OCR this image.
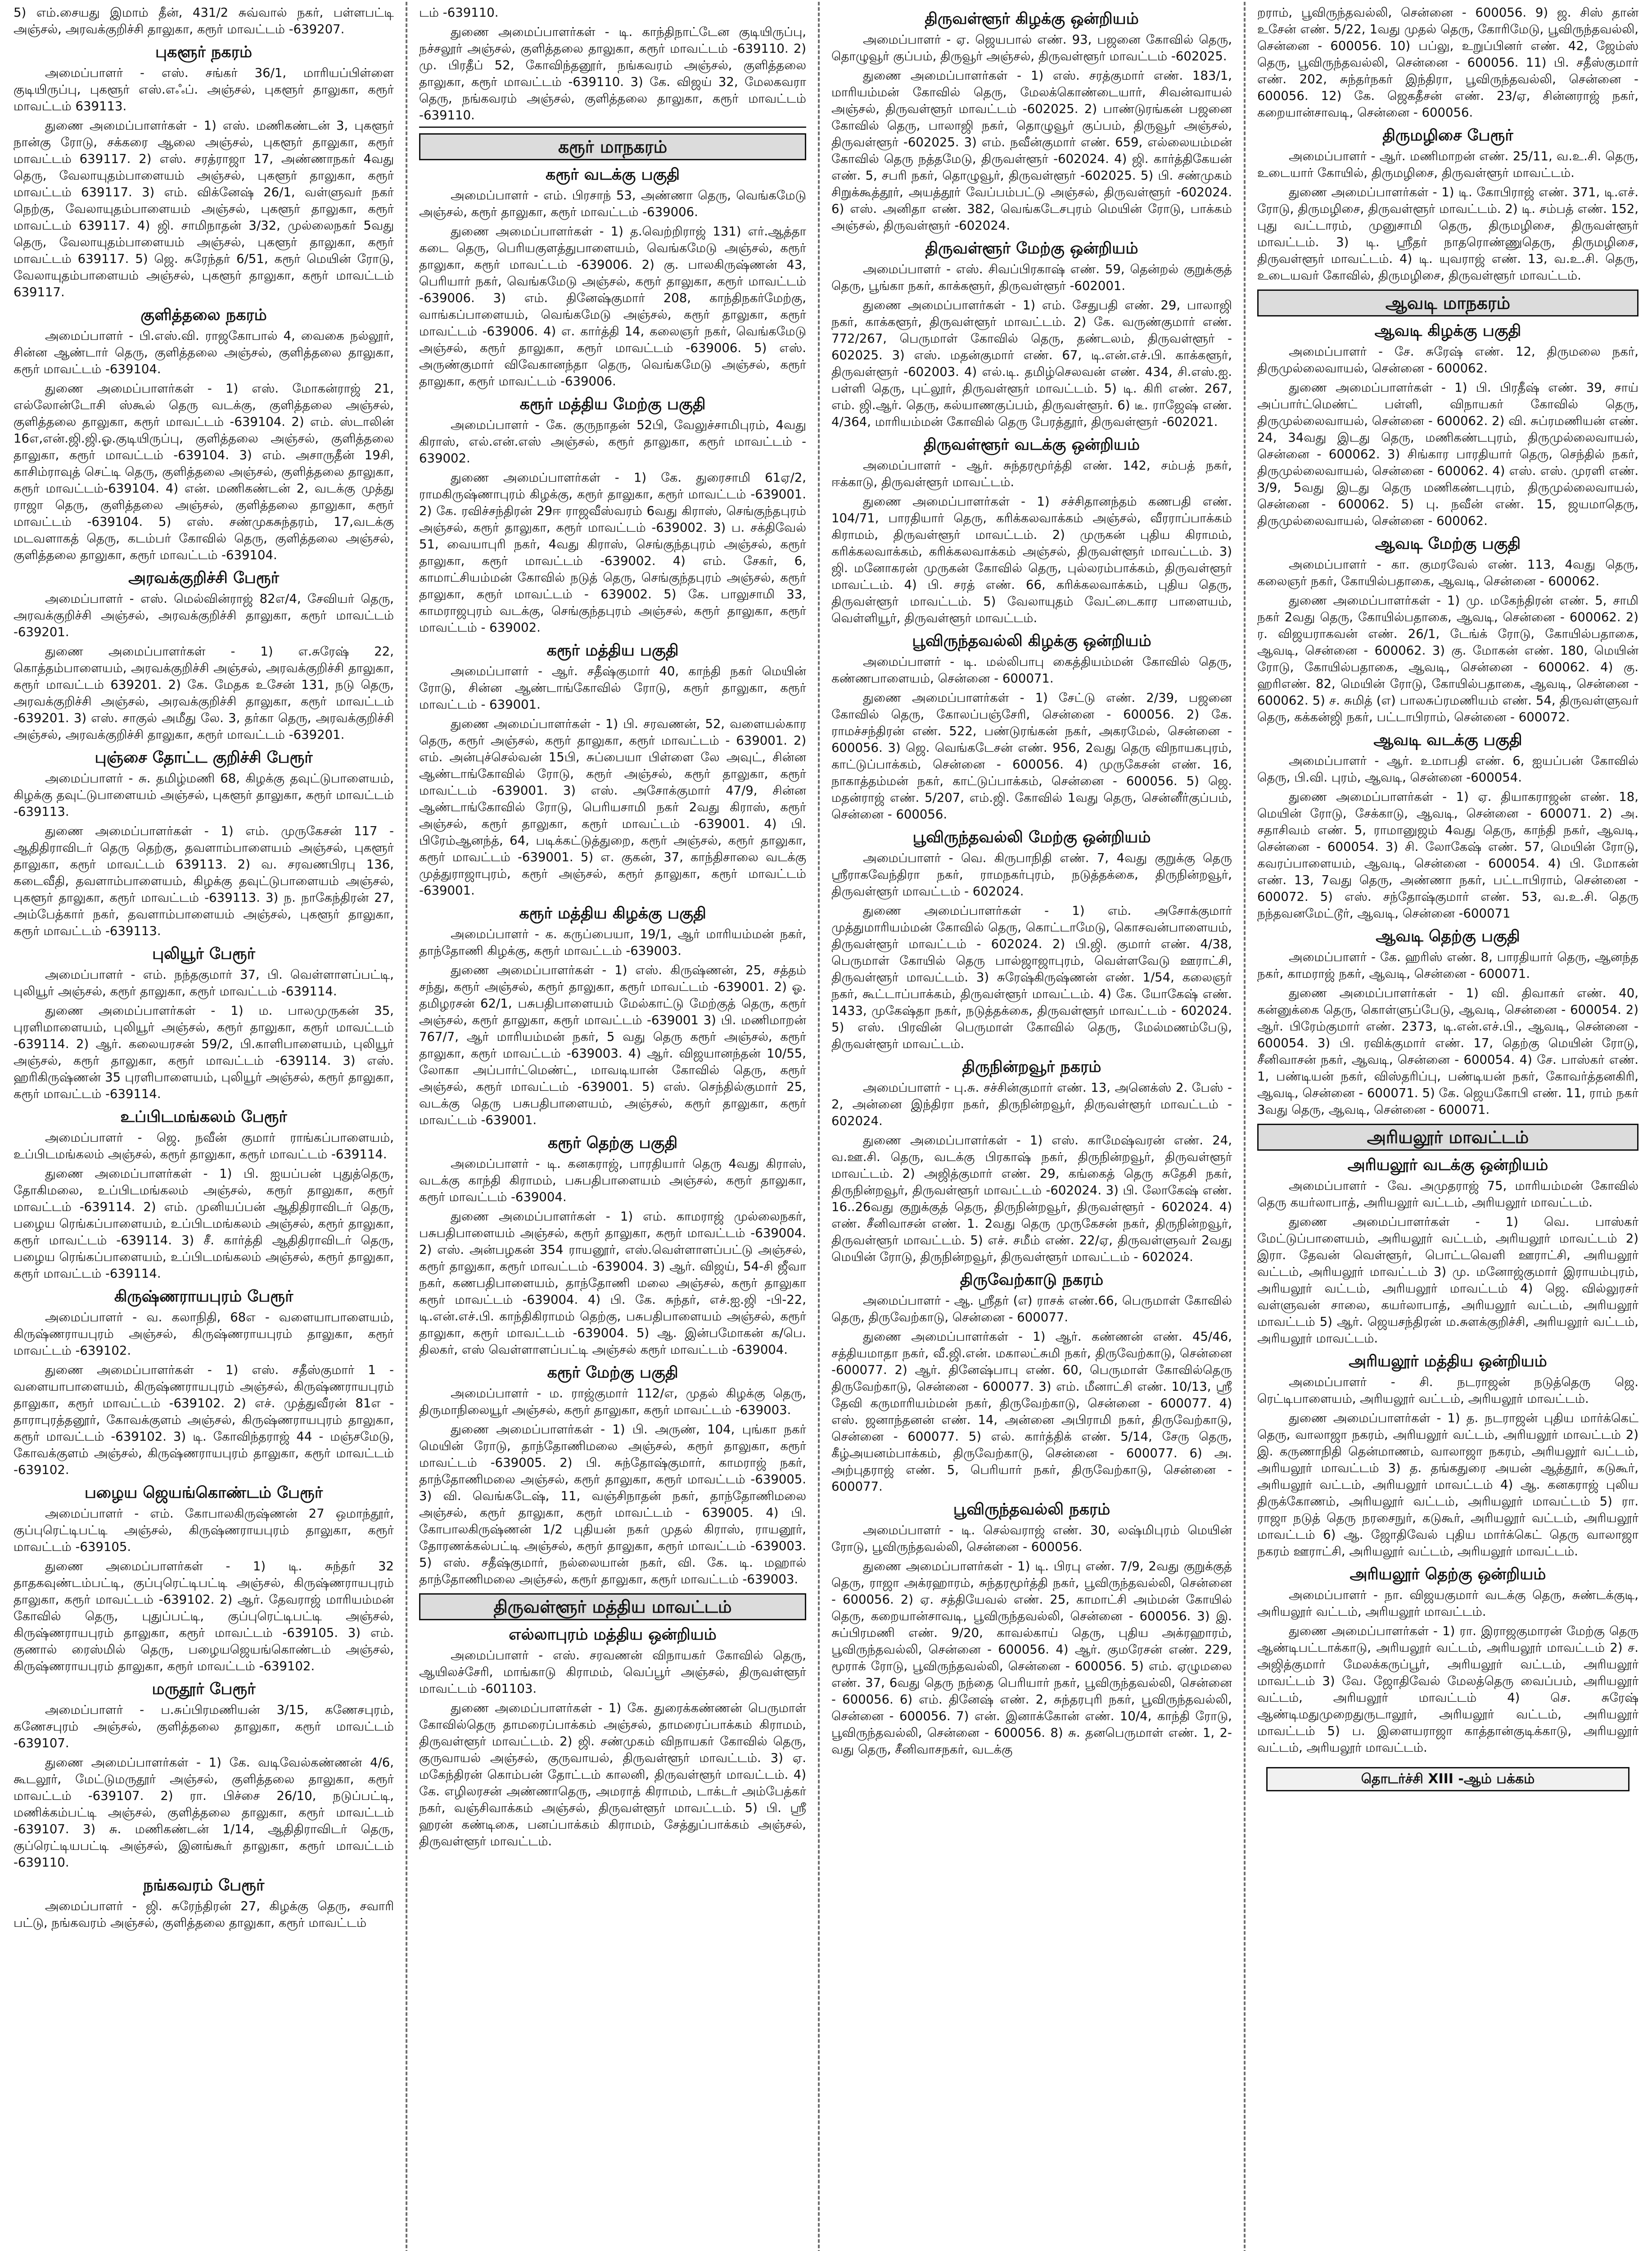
5) எம்.சையது இமாம் தீன், 431/2 சுவ்வால் நகர், பள்ளபட்டி அஞ்சல், அரவக்குறிச்சி தாலுகா, கரூர் மாவட்டம் -639207.
புகளூர் நகரம்
அமைப்பாளர் - எஸ். சங்கர் 36/1, மாரியப்பிள்ளை குடியிருப்பு, புகளூர் எஸ்.எஃப். அஞ்சல், புகளூர் தாலுகா, கரூர் மாவட்டம் 639113.
துணை அமைப்பாளர்கள் - 1) எஸ். மணிகண்டன் 3, புகளூர் நான்கு ரோடு, சக்கரை ஆலை அஞ்சல், புகளூர் தாலுகா, கரூர் மாவட்டம் 639117. 2) எஸ். சரத்ராஜா 17, அண்ணாநகர் 4வது தெரு, வேலாயுதம்பாளையம் அஞ்சல், புகளூர் தாலுகா, கரூர் மாவட்டம் 639117. 3) எம். விக்னேஷ் 26/1, வள்ளுவர் நகர் நெற்கு, வேலாயுதம்பாளையம் அஞ்சல், புகளூர் தாலுகா, கரூர் மாவட்டம் 639117. 4) ஜி. சாமிநாதன் 3/32, முல்லைநகர் 5வது தெரு, வேலாயுதம்பாளையம் அஞ்சல், புகளூர் தாலுகா, கரூர் மாவட்டம் 639117. 5) ஜெ. சுரேந்தர் 6/51, கரூர் மெயின் ரோடு, வேலாயுதம்பாளையம் அஞ்சல், புகளூர் தாலுகா, கரூர் மாவட்டம் 639117.
குளித்தலை நகரம்
அமைப்பாளர் - பி.எஸ்.வி. ராஜகோபால் 4, வைகை நல்லூர், சின்ன ஆண்டார் தெரு, குளித்தலை அஞ்சல், குளித்தலை தாலுகா, கரூர் மாவட்டம் -639104.
துணை அமைப்பாளர்கள் - 1) எஸ். மோகன்ராஜ் 21, எல்லோன்டோசி ஸ்கூல் தெரு வடக்கு, குளித்தலை அஞ்சல், குளித்தலை தாலுகா, கரூர் மாவட்டம் -639104. 2) எம். ஸ்டாலின் 16எ,என்.ஜி.ஜி.ஓ.குடியிருப்பு, குளித்தலை அஞ்சல், குளித்தலை தாலுகா, கரூர் மாவட்டம் -639104. 3) எம். அசாருதீன் 19சி, காசிம்ராவுத் செட்டி தெரு, குளித்தலை அஞ்சல், குளித்தலை தாலுகா, கரூர் மாவட்டம்-639104. 4) என். மணிகண்டன் 2, வடக்கு முத்து ராஜா தெரு, குளித்தலை அஞ்சல், குளித்தலை தாலுகா, கரூர் மாவட்டம் -639104. 5) எஸ். சண்முகசுந்தரம், 17,வடக்கு மடவளாகத் தெரு, கடம்பர் கோவில் தெரு, குளித்தலை அஞ்சல், குளித்தலை தாலுகா, கரூர் மாவட்டம் -639104.
அரவக்குறிச்சி பேரூர்
அமைப்பாளர் - எஸ். மெல்வின்ராஜ் 82எ/4, சேவியர் தெரு, அரவக்குறிச்சி அஞ்சல், அரவக்குறிச்சி தாலுகா, கரூர் மாவட்டம் -639201.
துணை அமைப்பாளர்கள் - 1) எ.சுரேஷ் 22, கொத்தம்பாளையம், அரவக்குறிச்சி அஞ்சல், அரவக்குறிச்சி தாலுகா, கரூர் மாவட்டம் 639201. 2) கே. மேதக உசேன் 131, நடு தெரு, அரவக்குறிச்சி அஞ்சல், அரவக்குறிச்சி தாலுகா, கரூர் மாவட்டம் -639201. 3) எஸ். சாகுல் அமீது லே. 3, தர்கா தெரு, அரவக்குறிச்சி அஞ்சல், அரவக்குறிச்சி தாலுகா, கரூர் மாவட்டம் -639201.
புஞ்சை தோட்ட குறிச்சி பேரூர்
அமைப்பாளர் - சு. தமிழ்மணி 68, கிழக்கு தவுட்டுபாளையம், கிழக்கு தவுட்டுபாளையம் அஞ்சல், புகளூர் தாலுகா, கரூர் மாவட்டம் -639113.
துணை அமைப்பாளர்கள் - 1) எம். முருகேசன் 117 - ஆதிதிராவிடர் தெரு தெற்கு, தவளாம்பாளையம் அஞ்சல், புகளூர் தாலுகா, கரூர் மாவட்டம் 639113. 2) வ. சரவணபிரபு 136, கடைவீதி, தவளாம்பாளையம், கிழக்கு தவுட்டுபாளையம் அஞ்சல், புகளூர் தாலுகா, கரூர் மாவட்டம் -639113. 3) ந. நாகேந்திரன் 27, அம்பேத்கார் நகர், தவளாம்பாளையம் அஞ்சல், புகளூர் தாலுகா, கரூர் மாவட்டம் -639113.
புலியூர் பேரூர்
அமைப்பாளர் - எம். நந்தகுமார் 37, பி. வெள்ளாளப்பட்டி, புலியூர் அஞ்சல், கரூர் தாலுகா, கரூர் மாவட்டம் -639114.
துணை அமைப்பாளர்கள் - 1) ம. பாலமுருகன் 35, புரளிமாளையம், புலியூர் அஞ்சல், கரூர் தாலுகா, கரூர் மாவட்டம் -639114. 2) ஆர். கலையரசன் 59/2, பி.காளிபாளையம், புலியூர் அஞ்சல், கரூர் தாலுகா, கரூர் மாவட்டம் -639114. 3) எஸ். ஹரிகிருஷ்ணன் 35 புரளிபாளையம், புலியூர் அஞ்சல், கரூர் தாலுகா, கரூர் மாவட்டம் -639114.
உப்பிடமங்கலம் பேரூர்
அமைப்பாளர் - ஜெ. நவீன் குமார் ராங்கப்பாளையம், உப்பிடமங்கலம் அஞ்சல், கரூர் தாலுகா, கரூர் மாவட்டம் -639114.
துணை அமைப்பாளர்கள் - 1) பி. ஐயப்பன் புதுத்தெரு, தோகிமலை, உப்பிடமங்கலம் அஞ்சல், கரூர் தாலுகா, கரூர் மாவட்டம் -639114. 2) எம். முனியப்பன் ஆதிதிராவிடர் தெரு, பழைய ரெங்கப்பாளையம், உப்பிடமங்கலம் அஞ்சல், கரூர் தாலுகா, கரூர் மாவட்டம் -639114. 3) சீ. கார்த்தி ஆதிதிராவிடர் தெரு, பழைய ரெங்கப்பாளையம், உப்பிடமங்கலம் அஞ்சல், கரூர் தாலுகா, கரூர் மாவட்டம் -639114.
கிருஷ்ணராயபுரம் பேரூர்
அமைப்பாளர் - வ. கலாநிதி, 68எ - வளையாபாளையம், கிருஷ்ணராயபுரம் அஞ்சல், கிருஷ்ணராயபுரம் தாலுகா, கரூர் மாவட்டம் -639102.
துணை அமைப்பாளர்கள் - 1) எஸ். சதீஸ்குமார் 1 - வளையாபாளையம், கிருஷ்ணராயபுரம் அஞ்சல், கிருஷ்ணராயபுரம் தாலுகா, கரூர் மாவட்டம் -639102. 2) எச். முத்துவீரன் 81எ - தாராபுரத்தனூர், கோவக்குளம் அஞ்சல், கிருஷ்ணராயபுரம் தாலுகா, கரூர் மாவட்டம் -639102. 3) டி. கோவிந்தராஜ் 44 - மஞ்சமேடு, கோவக்குளம் அஞ்சல், கிருஷ்ணராயபுரம் தாலுகா, கரூர் மாவட்டம் -639102.
பழைய ஜெயங்கொண்டம் பேரூர்
அமைப்பாளர் - எம். கோபாலகிருஷ்ணன் 27 ஒமாந்தூர், குப்புரெட்டிபட்டி அஞ்சல், கிருஷ்ணராயபுரம் தாலுகா, கரூர் மாவட்டம் -639105.
துணை அமைப்பாளர்கள் - 1) டி. சுந்தர் 32 தாதகவுண்டம்பட்டி, குப்புரெட்டிபட்டி அஞ்சல், கிருஷ்ணராயபுரம் தாலுகா, கரூர் மாவட்டம் -639102. 2) ஆர். தேவராஜ் மாரியம்மன் கோவில் தெரு, புதுப்பட்டி, குப்புரெட்டிபட்டி அஞ்சல், கிருஷ்ணராயபுரம் தாலுகா, கரூர் மாவட்டம் -639105. 3) எம். குணால் ரைஸ்மில் தெரு, பழையஜெயங்கொண்டம் அஞ்சல், கிருஷ்ணராயபுரம் தாலுகா, கரூர் மாவட்டம் -639102.
மருதூர் பேரூர்
அமைப்பாளர் - ப.சுப்பிரமணியன் 3/15, கணேசபுரம், கணேசபுரம் அஞ்சல், குளித்தலை தாலுகா, கரூர் மாவட்டம் -639107.
துணை அமைப்பாளர்கள் - 1) கே. வடிவேல்கண்ணன் 4/6, கூடலூர், மேட்டுமருதூர் அஞ்சல், குளித்தலை தாலுகா, கரூர் மாவட்டம் -639107. 2) ரா. பிச்சை 26/10, நடுப்பட்டி, மணிக்கம்பட்டி அஞ்சல், குளித்தலை தாலுகா, கரூர் மாவட்டம் -639107. 3) சு. மணிகண்டன் 1/14, ஆதிதிராவிடர் தெரு, குப்ரெட்டியபட்டி அஞ்சல், இனங்கூர் தாலுகா, கரூர் மாவட்டம் -639110.
நங்கவரம் பேரூர்
அமைப்பாளர் - ஜி. சுரேந்திரன் 27, கிழக்கு தெரு, சவாரி பட்டு, நங்கவரம் அஞ்சல், குளித்தலை தாலுகா, கரூர் மாவட்டம்
டம் -639110.
துணை அமைப்பாளர்கள் - டி. காந்திநாட்டேன குடியிருப்பு, நச்சலூர் அஞ்சல், குளித்தலை தாலுகா, கரூர் மாவட்டம் -639110. 2) மு. பிரதீப் 52, கோவிந்தனூர், நங்கவரம் அஞ்சல், குளித்தலை தாலுகா, கரூர் மாவட்டம் -639110. 3) கே. விஜய் 32, மேலகவரா தெரு, நங்கவரம் அஞ்சல், குளித்தலை தாலுகா, கரூர் மாவட்டம் -639110.
கரூர் மாநகரம்
கரூர் வடக்கு பகுதி
அமைப்பாளர் - எம். பிரசாந் 53, அண்ணா தெரு, வெங்கமேடு அஞ்சல், கரூர் தாலுகா, கரூர் மாவட்டம் -639006.
துணை அமைப்பாளர்கள் - 1) த.வெற்றிராஜ் 131) எர்.ஆத்தா கடை தெரு, பெரியகுளத்துபாளையம், வெங்கமேடு அஞ்சல், கரூர் தாலுகா, கரூர் மாவட்டம் -639006. 2) கு. பாலகிருஷ்ணன் 43, பெரியார் நகர், வெங்கமேடு அஞ்சல், கரூர் தாலுகா, கரூர் மாவட்டம் -639006. 3) எம். தினேஷ்குமார் 208, காந்திநகர்மேற்கு, வாங்கப்பாளையம், வெங்கமேடு அஞ்சல், கரூர் தாலுகா, கரூர் மாவட்டம் -639006. 4) எ. கார்த்தி 14, கலைஞர் நகர், வெங்கமேடு அஞ்சல், கரூர் தாலுகா, கரூர் மாவட்டம் -639006. 5) எஸ். அருண்குமார் விவேகானந்தா தெரு, வெங்கமேடு அஞ்சல், கரூர் தாலுகா, கரூர் மாவட்டம் -639006.
கரூர் மத்திய மேற்கு பகுதி
அமைப்பாளர் - கே. குருநாதன் 52பி, வேலுச்சாமிபுரம், 4வது கிராஸ், எல்.என்.எஸ் அஞ்சல், கரூர் தாலுகா, கரூர் மாவட்டம் - 639002.
துணை அமைப்பாளர்கள் - 1) கே. துரைசாமி 61ஏ/2, ராமகிருஷ்ணாபுரம் கிழக்கு, கரூர் தாலுகா, கரூர் மாவட்டம் -639001. 2) கே. ரவிச்சந்திரன் 29ஈ ராஜவீஸ்வரம் 6வது கிராஸ், செங்குந்தபுரம் அஞ்சல், கரூர் தாலுகா, கரூர் மாவட்டம் -639002. 3) ப. சக்திவேல் 51, வையாபுரி நகர், 4வது கிராஸ், செங்குந்தபுரம் அஞ்சல், கரூர் தாலுகா, கரூர் மாவட்டம் -639002. 4) எம். சேகர், 6, காமாட்சியம்மன் கோவில் நடுத் தெரு, செங்குந்தபுரம் அஞ்சல், கரூர் தாலுகா, கரூர் மாவட்டம் - 639002. 5) கே. பாலுசாமி 33, காமராஜபுரம் வடக்கு, செங்குந்தபுரம் அஞ்சல், கரூர் தாலுகா, கரூர் மாவட்டம் - 639002.
கரூர் மத்திய பகுதி
அமைப்பாளர் - ஆர். சதீஷ்குமார் 40, காந்தி நகர் மெயின் ரோடு, சின்ன ஆண்டாங்கோவில் ரோடு, கரூர் தாலுகா, கரூர் மாவட்டம் - 639001.
துணை அமைப்பாளர்கள் - 1) பி. சரவணன், 52, வளையல்கார தெரு, கரூர் அஞ்சல், கரூர் தாலுகா, கரூர் மாவட்டம் - 639001. 2) எம். அன்புச்செல்வன் 15பி, சுப்பையா பிள்ளை லே அவுட், சின்ன ஆண்டாங்கோவில் ரோடு, கரூர் அஞ்சல், கரூர் தாலுகா, கரூர் மாவட்டம் -639001. 3) எஸ். அசோக்குமார் 47/9, சின்ன ஆண்டாங்கோவில் ரோடு, பெரியசாமி நகர் 2வது கிராஸ், கரூர் அஞ்சல், கரூர் தாலுகா, கரூர் மாவட்டம் -639001. 4) பி. பிரேம்ஆனந்த், 64, படிக்கட்டுத்துறை, கரூர் அஞ்சல், கரூர் தாலுகா, கரூர் மாவட்டம் -639001. 5) எ. குகன், 37, காந்திசாலை வடக்கு முத்துராஜாபுரம், கரூர் அஞ்சல், கரூர் தாலுகா, கரூர் மாவட்டம் -639001.
கரூர் மத்திய கிழக்கு பகுதி
அமைப்பாளர் - க. கருப்பையா, 19/1, ஆர் மாரியம்மன் நகர், தாந்தோணி கிழக்கு, கரூர் மாவட்டம் -639003.
துணை அமைப்பாளர்கள் - 1) எஸ். கிருஷ்ணன், 25, சத்தம் சந்து, கரூர் அஞ்சல், கரூர் தாலுகா, கரூர் மாவட்டம் -639001. 2) ஓ. தமிழரசன் 62/1, பசுபதிபாளையம் மேல்காட்டு மேற்குத் தெரு, கரூர் அஞ்சல், கரூர் தாலுகா, கரூர் மாவட்டம் -639001 3) பி. மணிமாறன் 767/7, ஆர் மாரியம்மன் நகர், 5 வது தெரு கரூர் அஞ்சல், கரூர் தாலுகா, கரூர் மாவட்டம் -639003. 4) ஆர். விஜயானந்தன் 10/55, லோகா அப்பார்ட்மெண்ட், மாவடியான் கோவில் தெரு, கரூர் அஞ்சல், கரூர் மாவட்டம் -639001. 5) எஸ். செந்தில்குமார் 25, வடக்கு தெரு பசுபதிபாளையம், அஞ்சல், கரூர் தாலுகா, கரூர் மாவட்டம் -639001.
கரூர் தெற்கு பகுதி
அமைப்பாளர் - டி. கனகராஜ், பாரதியார் தெரு 4வது கிராஸ், வடக்கு காந்தி கிராமம், பசுபதிபாளையம் அஞ்சல், கரூர் தாலுகா, கரூர் மாவட்டம் -639004.
துணை அமைப்பாளர்கள் - 1) எம். காமராஜ் முல்லைநகர், பசுபதிபாளையம் அஞ்சல், கரூர் தாலுகா, கரூர் மாவட்டம் -639004. 2) எஸ். அன்பழகன் 354 ராயனூர், எஸ்.வெள்ளாளப்பட்டு அஞ்சல், கரூர் தாலுகா, கரூர் மாவட்டம் -639004. 3) ஆர். விஜய், 54-சி ஜீவா நகர், கணபதிபாளையம், தாந்தோணி மலை அஞ்சல், கரூர் தாலுகா கரூர் மாவட்டம் -639004. 4) பி. கே. சுந்தர், எச்.ஐ.ஜி -பி-22, டி.என்.எச்.பி. காந்திகிராமம் தெற்கு, பசுபதிபாளையம் அஞ்சல், கரூர் தாலுகா, கரூர் மாவட்டம் -639004. 5) ஆ. இன்பமோகன் க/பெ. திலகர், எஸ் வெள்ளாளப்பட்டி அஞ்சல் கரூர் மாவட்டம் -639004.
கரூர் மேற்கு பகுதி
அமைப்பாளர் - ம. ராஜ்குமார் 112/எ, முதல் கிழக்கு தெரு, திருமாநிலையூர் அஞ்சல், கரூர் தாலுகா, கரூர் மாவட்டம் -639003.
துணை அமைப்பாளர்கள் - 1) பி. அருண், 104, புங்கா நகர் மெயின் ரோடு, தாந்தோணிமலை அஞ்சல், கரூர் தாலுகா, கரூர் மாவட்டம் -639005. 2) பி. சுந்தோஷ்குமார், காமராஜ் நகர், தாந்தோணிமலை அஞ்சல், கரூர் தாலுகா, கரூர் மாவட்டம் -639005. 3) வி. வெங்கடேஷ், 11, வஞ்சிநாதன் நகர், தாந்தோணிமலை அஞ்சல், கரூர் தாலுகா, கரூர் மாவட்டம் - 639005. 4) பி. கோபாலகிருஷ்ணன் 1/2 புதியன் நகர் முதல் கிராஸ், ராயனூர், தோரணக்கல்பட்டி அஞ்சல், கரூர் தாலுகா, கரூர் மாவட்டம் -639003. 5) எஸ். சதீஷ்குமார், நல்லையான் நகர், வி. கே. டி. மஹால் தாந்தோணிமலை அஞ்சல், கரூர் தாலுகா, கரூர் மாவட்டம் -639003.
திருவள்ளூர் மத்திய மாவட்டம்
எல்லாபுரம் மத்திய ஒன்றியம்
அமைப்பாளர் - எஸ். சரவணன் விநாயகர் கோவில் தெரு, ஆயிலச்சேரி, மாங்காடு கிராமம், வெப்பூர் அஞ்சல், திருவள்ளூர் மாவட்டம் -601103.
துணை அமைப்பாளர்கள் - 1) கே. துரைக்கண்ணன் பெருமாள் கோவில்தெரு தாமரைப்பாக்கம் அஞ்சல், தாமரைப்பாக்கம் கிராமம், திருவள்ளூர் மாவட்டம். 2) ஜி. சண்முகம் விநாயகர் கோவில் தெரு, குருவாயல் அஞ்சல், குருவாயல், திருவள்ளூர் மாவட்டம். 3) ஏ. மகேந்திரன் கொம்பன் தோட்டம் காலனி, திருவள்ளூர் மாவட்டம். 4) கே. எழிலரசன் அண்ணாதெரு, அமராத் கிராமம், டாக்டர் அம்பேத்கர் நகர், வஞ்சிவாக்கம் அஞ்சல், திருவள்ளூர் மாவட்டம். 5) பி. ஸ்ரீ ஹரன் கண்டிகை, பனப்பாக்கம் கிராமம், சேத்துப்பாக்கம் அஞ்சல், திருவள்ளூர் மாவட்டம்.
திருவள்ளூர் கிழக்கு ஒன்றியம்
அமைப்பாளர் - ஏ. ஜெயபால் எண். 93, பஜனை கோவில் தெரு, தொழுவூர் குப்பம், திருவூர் அஞ்சல், திருவள்ளூர் மாவட்டம் -602025.
துணை அமைப்பாளர்கள் - 1) எஸ். சரத்குமார் எண். 183/1, மாரியம்மன் கோவில் தெரு, மேலக்கொண்டையார், சிவன்வாயல் அஞ்சல், திருவள்ளூர் மாவட்டம் -602025. 2) பாண்டுரங்கன் பஜனை கோவில் தெரு, பாலாஜி நகர், தொழுவூர் குப்பம், திருவூர் அஞ்சல், திருவள்ளூர் -602025. 3) எம். நவீன்குமார் எண். 659, எல்லையம்மன் கோவில் தெரு நத்தமேடு, திருவள்ளூர் -602024. 4) ஜி. கார்த்திகேயன் எண். 5, சபரி நகர், தொழுவூர், திருவள்ளூர் -602025. 5) பி. சண்முகம் சிறுக்கூத்தூர், அயத்தூர் வேப்பம்பட்டு அஞ்சல், திருவள்ளூர் -602024. 6) எஸ். அனிதா எண். 382, வெங்கடேசபுரம் மெயின் ரோடு, பாக்கம் அஞ்சல், திருவள்ளூர் -602024.
திருவள்ளூர் மேற்கு ஒன்றியம்
அமைப்பாளர் - எஸ். சிவப்பிரகாஷ் எண். 59, தென்றல் குறுக்குத் தெரு, பூங்கா நகர், காக்களூர், திருவள்ளூர் -602001.
துணை அமைப்பாளர்கள் - 1) எம். சேதுபதி எண். 29, பாலாஜி நகர், காக்களூர், திருவள்ளூர் மாவட்டம். 2) கே. வருண்குமார் எண். 772/267, பெருமாள் கோவில் தெரு, தண்டலம், திருவள்ளூர் - 602025. 3) எஸ். மதன்குமார் எண். 67, டி.என்.எச்.பி. காக்களூர், திருவள்ளூர் -602003. 4) எல்.டி. தமிழ்செலவன் எண். 434, சி.எஸ்.ஐ. பள்ளி தெரு, புட்லூர், திருவள்ளூர் மாவட்டம். 5) டி. கிரி எண். 267, எம். ஜி.ஆர். தெரு, கல்யாணகுப்பம், திருவள்ளூர். 6) டீ. ராஜேஷ் எண். 4/364, மாரியம்மன் கோவில் தெரு பேரத்தூர், திருவள்ளூர் -602021.
திருவள்ளூர் வடக்கு ஒன்றியம்
அமைப்பாளர் - ஆர். சுந்தரமூர்த்தி எண். 142, சம்பத் நகர், ஈக்காடு, திருவள்ளூர் மாவட்டம்.
துணை அமைப்பாளர்கள் - 1) சச்சிதானந்தம் கணபதி எண். 104/71, பாரதியார் தெரு, கரிக்கலவாக்கம் அஞ்சல், வீரராப்பாக்கம் கிராமம், திருவள்ளூர் மாவட்டம். 2) முருகன் புதிய கிராமம், கரிக்கலவாக்கம், கரிக்கலவாக்கம் அஞ்சல், திருவள்ளூர் மாவட்டம். 3) ஜி. மனோகரன் முருகன் கோவில் தெரு, புல்லரம்பாக்கம், திருவள்ளூர் மாவட்டம். 4) பி. சரத் எண். 66, கரிக்கலவாக்கம், புதிய தெரு, திருவள்ளூர் மாவட்டம். 5) வேலாயுதம் வேட்டைகார பாளையம், வெள்ளியூர், திருவள்ளூர் மாவட்டம்.
பூவிருந்தவல்லி கிழக்கு ஒன்றியம்
அமைப்பாளர் - டி. மல்லிபாபு கைத்தியம்மன் கோவில் தெரு, கண்ணபாளையம், சென்னை - 600071.
துணை அமைப்பாளர்கள் - 1) சேட்டு எண். 2/39, பஜனை கோவில் தெரு, கோலப்பஞ்சேரி, சென்னை - 600056. 2) கே. ராமச்சந்திரன் எண். 522, பண்டுரங்கன் நகர், அகரமேல், சென்னை - 600056. 3) ஜெ. வெங்கடேசன் எண். 956, 2வது தெரு விநாயகபுரம், காட்டுப்பாக்கம், சென்னை - 600056. 4) முருகேசன் எண். 16, நாகாத்தம்மன் நகர், காட்டுப்பாக்கம், சென்னை - 600056. 5) ஜெ. மதன்ராஜ் எண். 5/207, எம்.ஜி. கோவில் 1வது தெரு, சென்னீர்குப்பம், சென்னை - 600056.
பூவிருந்தவல்லி மேற்கு ஒன்றியம்
அமைப்பாளர் - வெ. கிருபாநிதி எண். 7, 4வது குறுக்கு தெரு ஸ்ரீராகவேந்திரா நகர், ராமநகர்புரம், நடுத்தக்கை, திருநின்றவூர், திருவள்ளூர் மாவட்டம் - 602024.
துணை அமைப்பாளர்கள் - 1) எம். அசோக்குமார் முத்துமாரியம்மன் கோவில் தெரு, கொட்டாமேடு, கொசவன்பாளையம், திருவள்ளூர் மாவட்டம் - 602024. 2) பி.ஜி. குமார் எண். 4/38, பெருமாள் கோயில் தெரு பால்ஜாஜாபுரம், வெள்ளவேடு ஊராட்சி, திருவள்ளூர் மாவட்டம். 3) சுரேஷ்கிருஷ்ணன் எண். 1/54, கலைஞர் நகர், கூட்டாப்பாக்கம், திருவள்ளூர் மாவட்டம். 4) கே. யோகேஷ் எண். 1433, முகேஷ்தா நகர், நடுத்தக்கை, திருவள்ளூர் மாவட்டம் - 602024. 5) எஸ். பிரவின் பெருமாள் கோவில் தெரு, மேல்மணம்பேடு, திருவள்ளூர் மாவட்டம்.
திருநின்றவூர் நகரம்
அமைப்பாளர் - பு.சு. சச்சின்குமார் எண். 13, அனெக்ஸ் 2. பேஸ் - 2, அன்னை இந்திரா நகர், திருநின்றவூர், திருவள்ளூர் மாவட்டம் - 602024.
துணை அமைப்பாளர்கள் - 1) எஸ். காமேஷ்வரன் எண். 24, வ.ஊ.சி. தெரு, வடக்கு பிரகாஷ் நகர், திருநின்றவூர், திருவள்ளூர் மாவட்டம். 2) அஜித்குமார் எண். 29, கங்கைத் தெரு சுதேசி நகர், திருநின்றவூர், திருவள்ளூர் மாவட்டம் -602024. 3) பி. லோகேஷ் எண். 16..26வது குறுக்குத் தெரு, திருநின்றவூர், திருவள்ளூர் - 602024. 4) எண். சீனிவாசன் எண். 1. 2வது தெரு முருகேசன் நகர், திருநின்றவூர், திருவள்ளூர் மாவட்டம். 5) எச். சமீம் எண். 22/ஏ, திருவள்ளுவர் 2வது மெயின் ரோடு, திருநின்றவூர், திருவள்ளூர் மாவட்டம் - 602024.
திருவேற்காடு நகரம்
அமைப்பாளர் - ஆ. ஸ்ரீதர் (எ) ராசக் எண்.66, பெருமாள் கோவில் தெரு, திருவேற்காடு, சென்னை - 600077.
துணை அமைப்பாளர்கள் - 1) ஆர். கண்ணன் எண். 45/46, சத்தியமாதா நகர், வீ.ஜி.என். மகாலட்சுமி நகர், திருவேற்காடு, சென்னை -600077. 2) ஆர். தினேஷ்பாபு எண். 60, பெருமாள் கோவில்தெரு திருவேற்காடு, சென்னை - 600077. 3) எம். மீனாட்சி எண். 10/13, ஸ்ரீ தேவி கருமாரியம்மன் நகர், திருவேற்காடு, சென்னை - 600077. 4) எஸ். ஜனாந்தனன் எண். 14, அன்னை அபிராமி நகர், திருவேற்காடு, சென்னை - 600077. 5) எல். கார்த்திக் எண். 5/14, சேரு தெரு, கீழ்அயனம்பாக்கம், திருவேற்காடு, சென்னை - 600077. 6) அ. அற்புதராஜ் எண். 5, பெரியார் நகர், திருவேற்காடு, சென்னை - 600077.
பூவிருந்தவல்லி நகரம்
அமைப்பாளர் - டி. செல்வராஜ் எண். 30, லஷ்மிபுரம் மெயின் ரோடு, பூவிருந்தவல்லி, சென்னை - 600056.
துணை அமைப்பாளர்கள் - 1) டி. பிரபு எண். 7/9, 2வது குறுக்குத் தெரு, ராஜா அக்ரஹாரம், சுந்தரமூர்த்தி நகர், பூவிருந்தவல்லி, சென்னை - 600056. 2) ஏ. சத்தியேவல் எண். 25, காமாட்சி அம்மன் கோயில் தெரு, கறையான்சாவடி, பூவிருந்தவல்லி, சென்னை - 600056. 3) இ. சுப்பிரமணி எண். 9/20, காவல்காய் தெரு, புதிய அக்ரஹாரம், பூவிருந்தவல்லி, சென்னை - 600056. 4) ஆர். குமரேசன் எண். 229, மூராக் ரோடு, பூவிருந்தவல்லி, சென்னை - 600056. 5) எம். ஏழுமலை எண். 37, 6வது தெரு நந்தை பெரியார் நகர், பூவிருந்தவல்லி, சென்னை - 600056. 6) எம். தினேஷ் எண். 2, சுந்தரபுரி நகர், பூவிருந்தவல்லி, சென்னை - 600056. 7) என். இனாக்கோன் எண். 10/4, காந்தி ரோடு, பூவிருந்தவல்லி, சென்னை - 600056. 8) சு. தனபெருமாள் எண். 1, 2-வது தெரு, சீனிவாசநகர், வடக்கு
றராம், பூவிருந்தவல்லி, சென்னை - 600056. 9) ஜ. சிஸ் தான் உசேன் எண். 5/22, 1வது முதல் தெரு, கோரிமேடு, பூவிருந்தவல்லி, சென்னை - 600056. 10) பப்லு, உறுப்பினர் எண். 42, ஜேம்ஸ் தெரு, பூவிருந்தவல்லி, சென்னை - 600056. 11) பி. சதீஸ்குமார் எண். 202, சுந்தர்நகர் இந்திரா, பூவிருந்தவல்லி, சென்னை - 600056. 12) கே. ஜெகதீசன் எண். 23/ஏ, சின்னராஜ் நகர், கறையான்சாவடி, சென்னை - 600056.
திருமழிசை பேரூர்
அமைப்பாளர் - ஆர். மணிமாறன் எண். 25/11, வ.உ.சி. தெரு, உடையார் கோயில், திருமழிசை, திருவள்ளூர் மாவட்டம்.
துணை அமைப்பாளர்கள் - 1) டி. கோபிராஜ் எண். 371, டி.எச். ரோடு, திருமழிசை, திருவள்ளூர் மாவட்டம். 2) டி. சம்பத் எண். 152, புது வட்டாரம், முனுசாமி தெரு, திருமழிசை, திருவள்ளூர் மாவட்டம். 3) டி. ஸ்ரீதர் நாதரொண்ணுதெரு, திருமழிசை, திருவள்ளூர் மாவட்டம். 4) டி. யுவராஜ் எண். 13, வ.உ.சி. தெரு, உடையவர் கோவில், திருமழிசை, திருவள்ளூர் மாவட்டம்.
ஆவடி மாநகரம்
ஆவடி கிழக்கு பகுதி
அமைப்பாளர் - சே. சுரேஷ் எண். 12, திருமலை நகர், திருமுல்லைவாயல், சென்னை - 600062.
துணை அமைப்பாளர்கள் - 1) பி. பிரதீஷ் எண். 39, சாய் அப்பார்ட்மெண்ட் பள்ளி, விநாயகர் கோவில் தெரு, திருமுல்லைவாயல், சென்னை - 600062. 2) வி. சுப்ரமணியன் எண். 24, 34வது இடது தெரு, மணிகண்டபுரம், திருமுல்லைவாயல், சென்னை - 600062. 3) சிங்கார பாரதியார் தெரு, செந்தில் நகர், திருமுல்லைவாயல், சென்னை - 600062. 4) எஸ். எஸ். முரளி எண். 3/9, 5வது இடது தெரு மணிகண்டபுரம், திருமுல்லைவாயல், சென்னை - 600062. 5) பு. நவீன் எண். 15, ஜயமாதெரு, திருமுல்லைவாயல், சென்னை - 600062.
ஆவடி மேற்கு பகுதி
அமைப்பாளர் - கா. குமரவேல் எண். 113, 4வது தெரு, கலைஞர் நகர், கோயில்பதாகை, ஆவடி, சென்னை - 600062.
துணை அமைப்பாளர்கள் - 1) மு. மகேந்திரன் எண். 5, சாமி நகர் 2வது தெரு, கோயில்பதாகை, ஆவடி, சென்னை - 600062. 2) ர. விஜயராகவன் எண். 26/1, டேங்க் ரோடு, கோயில்பதாகை, ஆவடி, சென்னை - 600062. 3) கு. மோகன் எண். 180, மெயின் ரோடு, கோயில்பதாகை, ஆவடி, சென்னை - 600062. 4) கு. ஹரிஎண். 82, மெயின் ரோடு, கோயில்பதாகை, ஆவடி, சென்னை - 600062. 5) ச. சுமித் (எ) பாலசுப்ரமணியம் எண். 54, திருவள்ளுவர் தெரு, கக்கன்ஜி நகர், பட்டாபிராம், சென்னை - 600072.
ஆவடி வடக்கு பகுதி
அமைப்பாளர் - ஆர். உமாபதி எண். 6, ஐயப்பன் கோவில் தெரு, பி.வி. புரம், ஆவடி, சென்னை -600054.
துணை அமைப்பாளர்கள் - 1) ஏ. தியாகராஜன் எண். 18, மெயின் ரோடு, சேக்காடு, ஆவடி, சென்னை - 600071. 2) அ. சதாசிவம் எண். 5, ராமானுஜம் 4வது தெரு, காந்தி நகர், ஆவடி, சென்னை - 600054. 3) சி. லோகேஷ் எண். 57, மெயின் ரோடு, கவரப்பாளையம், ஆவடி, சென்னை - 600054. 4) பி. மோகன் எண். 13, 7வது தெரு, அண்ணா நகர், பட்டாபிராம், சென்னை - 600072. 5) எஸ். சந்தோஷ்குமார் எண். 53, வ.உ.சி. தெரு நந்தவனமேட்டூர், ஆவடி, சென்னை -600071
ஆவடி தெற்கு பகுதி
அமைப்பாளர் - கே. ஹரிஸ் எண். 8, பாரதியார் தெரு, ஆனந்த நகர், காமராஜ் நகர், ஆவடி, சென்னை - 600071.
துணை அமைப்பாளர்கள் - 1) வி. திவாகர் எண். 40, கன்னுக்கை தெரு, கொள்ளுப்பேடு, ஆவடி, சென்னை - 600054. 2) ஆர். பிரேம்குமார் எண். 2373, டி.என்.எச்.பி., ஆவடி, சென்னை - 600054. 3) பி. ரவிக்குமார் எண். 17, தெற்கு மெயின் ரோடு, சீனிவாசன் நகர், ஆவடி, சென்னை - 600054. 4) சே. பாஸ்கர் எண். 1, பண்டியன் நகர், விஸ்தரிப்பு, பண்டியன் நகர், கோவர்த்தனகிரி, ஆவடி, சென்னை - 600071. 5) கே. ஜெயகோபி எண். 11, ராம் நகர் 3வது தெரு, ஆவடி, சென்னை - 600071.
அரியலூர் மாவட்டம்
அரியலூர் வடக்கு ஒன்றியம்
அமைப்பாளர் - வே. அமுதராஜ் 75, மாரியம்மன் கோவில் தெரு கயர்லாபாத், அரியலூர் வட்டம், அரியலூர் மாவட்டம்.
துணை அமைப்பாளர்கள் - 1) வெ. பாஸ்கர் மேட்டுப்பாளையம், அரியலூர் வட்டம், அரியலூர் மாவட்டம் 2) இரா. தேவன் வெள்ளூர், பொட்டவெளி ஊராட்சி, அரியலூர் வட்டம், அரியலூர் மாவட்டம் 3) மு. மனோஜ்குமார் இராயம்புரம், அரியலூர் வட்டம், அரியலூர் மாவட்டம் 4) ஜெ. வில்லுரசர் வள்ளுவன் சாலை, கயர்லாபாத், அரியலூர் வட்டம், அரியலூர் மாவட்டம் 5) ஆர். ஜெயசந்திரன் ம.சுளக்குறிச்சி, அரியலூர் வட்டம், அரியலூர் மாவட்டம்.
அரியலூர் மத்திய ஒன்றியம்
அமைப்பாளர் - சி. நடராஜன் நடுத்தெரு ஜெ. ரெட்டிபாளையம், அரியலூர் வட்டம், அரியலூர் மாவட்டம்.
துணை அமைப்பாளர்கள் - 1) த. நடராஜன் புதிய மார்க்கெட் தெரு, வாலாஜா நகரம், அரியலூர் வட்டம், அரியலூர் மாவட்டம் 2) இ. கருணாநிதி தென்மாணம், வாலாஜா நகரம், அரியலூர் வட்டம், அரியலூர் மாவட்டம் 3) த. தங்கதுரை அயன் ஆத்தூர், கடுகூர், அரியலூர் வட்டம், அரியலூர் மாவட்டம் 4) ஆ. கனகராஜ் புலிய திருக்கோணம், அரியலூர் வட்டம், அரியலூர் மாவட்டம் 5) ரா. ராஜா நடுத் தெரு நரசைநுர், கடுகூர், அரியலூர் வட்டம், அரியலூர் மாவட்டம் 6) ஆ. ஜோதிவேல் புதிய மார்க்கெட் தெரு வாலாஜா நகரம் ஊராட்சி, அரியலூர் வட்டம், அரியலூர் மாவட்டம்.
அரியலூர் தெற்கு ஒன்றியம்
அமைப்பாளர் - நா. விஜயகுமார் வடக்கு தெரு, சுண்டக்குடி, அரியலூர் வட்டம், அரியலூர் மாவட்டம்.
துணை அமைப்பாளர்கள் - 1) ரா. இராஜகுமாரன் மேற்கு தெரு ஆண்டிபட்டாக்காடு, அரியலூர் வட்டம், அரியலூர் மாவட்டம் 2) ச. அஜித்குமார் மேலக்கருப்பூர், அரியலூர் வட்டம், அரியலூர் மாவட்டம் 3) வே. ஜோதிவேல் மேலத்தெரு வைப்பம், அரியலூர் வட்டம், அரியலூர் மாவட்டம் 4) செ. சுரேஷ் ஆண்டிமதுமுறைதுருடாலூர், அரியலூர் வட்டம், அரியலூர் மாவட்டம் 5) ப. இளையராஜா காத்தான்குடிக்காடு, அரியலூர் வட்டம், அரியலூர் மாவட்டம்.
தொடர்ச்சி XIII -ஆம் பக்கம்
